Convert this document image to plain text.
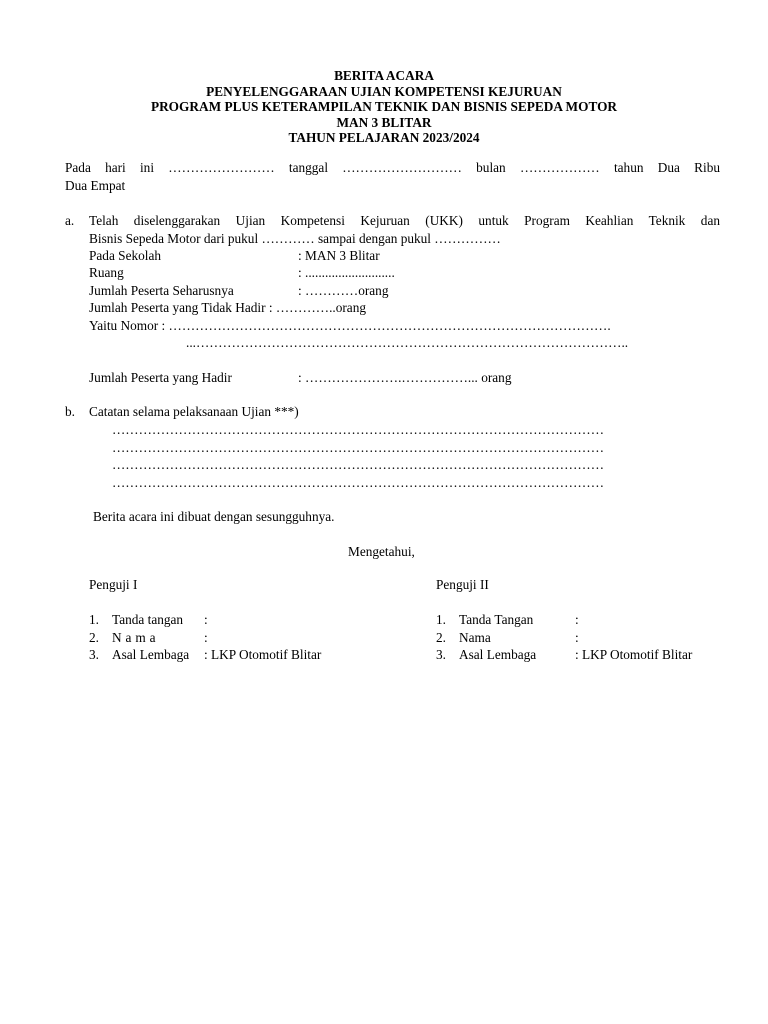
BERITA ACARA
PENYELENGGARAAN UJIAN KOMPETENSI KEJURUAN
PROGRAM PLUS KETERAMPILAN TEKNIK DAN BISNIS SEPEDA MOTOR
MAN 3 BLITAR
TAHUN PELAJARAN 2023/2024
Pada hari ini …………………… tanggal ……………………… bulan ……………… tahun Dua Ribu
Dua Empat
a. Telah diselenggarakan Ujian Kompetensi Kejuruan (UKK) untuk Program Keahlian Teknik dan
Bisnis Sepeda Motor dari pukul ………… sampai dengan pukul ……………
Pada Sekolah	: MAN 3 Blitar
Ruang	: ...........................
Jumlah Peserta Seharusnya	: …………orang
Jumlah Peserta yang Tidak Hadir : …………..orang
Yaitu Nomor : ……………………………………………………………………………………….
...……………………………………………………………………………………..
Jumlah Peserta yang Hadir	: ………………….……………... orang
b. Catatan selama pelaksanaan Ujian ***)
…………………………………………………………………………………………………
…………………………………………………………………………………………………
…………………………………………………………………………………………………
…………………………………………………………………………………………………
Berita acara ini dibuat dengan sesungguhnya.
Mengetahui,
Penguji I
1. Tanda tangan :
2. N a m a	:
3. Asal Lembaga : LKP Otomotif Blitar
Penguji II
1. Tanda Tangan	:
2. Nama	:
3. Asal Lembaga	: LKP Otomotif Blitar
